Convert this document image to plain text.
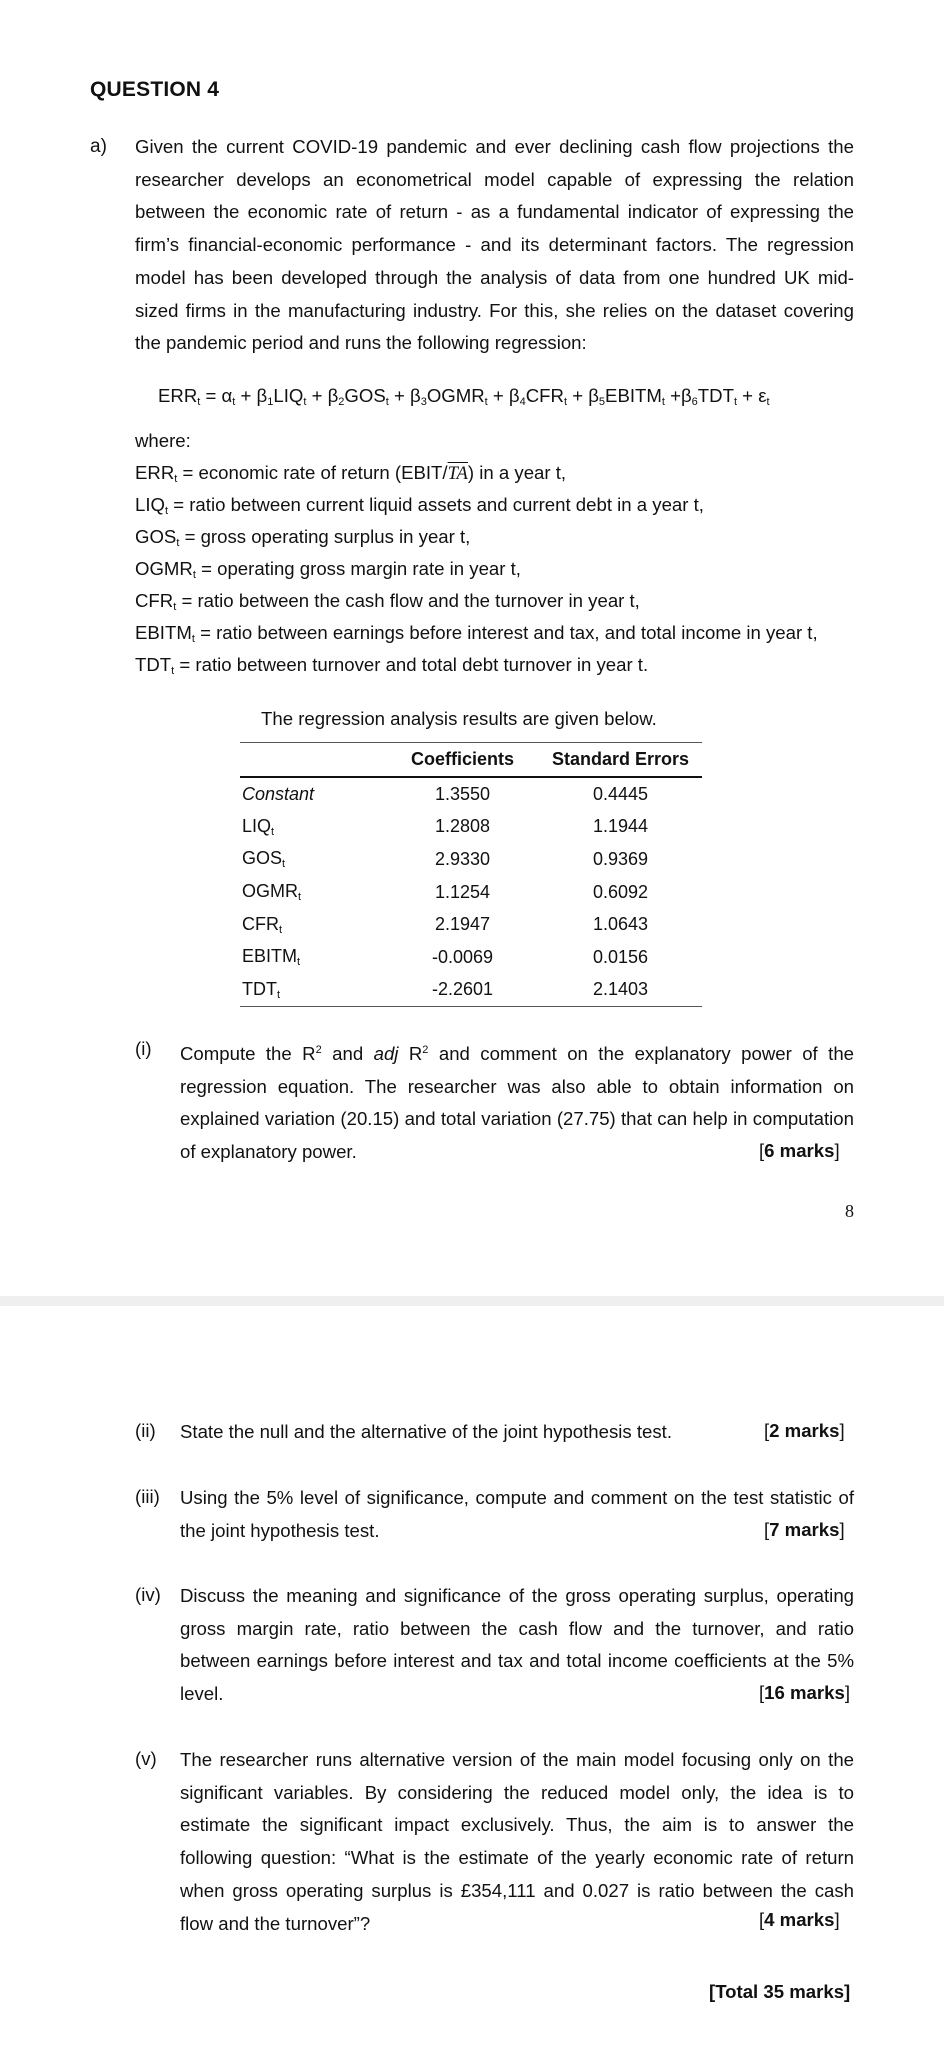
QUESTION 4
a) Given the current COVID-19 pandemic and ever declining cash flow projections the researcher develops an econometrical model capable of expressing the relation between the economic rate of return - as a fundamental indicator of expressing the firm’s financial-economic performance - and its determinant factors. The regression model has been developed through the analysis of data from one hundred UK mid-sized firms in the manufacturing industry. For this, she relies on the dataset covering the pandemic period and runs the following regression:
$ERR_t = \alpha_t + \beta_1LIQ_t + \beta_2GOS_t$ + $\beta_3OGMR_t + \beta_4CFR_t$ + $\beta_5EBITM_t +\beta_6TDT_t + \varepsilon_t$
where:
$ERR_t$ = economic rate of return $(EBIT/\overline{TA})$ in a year t,
$LIQ_t$ = ratio between current liquid assets and current debt in a year t,
$GOS_t$ = gross operating surplus in year t,
$OGMR_t$ = operating gross margin rate in year t,
$CFR_t$ = ratio between the cash flow and the turnover in year t,
$EBITM_t$ = ratio between earnings before interest and tax, and total income in year t,
$TDT_t$ = ratio between turnover and total debt turnover in year t.
The regression analysis results are given below.
	Coefficients	Standard Errors
Constant	1.3550	0.4445
$LIQ_t$	1.2808	1.1944
$GOS_t$	2.9330	0.9369
$OGMR_t$	1.1254	0.6092
$CFR_t$	2.1947	1.0643
$EBITM_t$	-0.0069	0.0156
$TDT_t$	-2.2601	2.1403
(i) Compute the $R^2$ and adj $R^2$ and comment on the explanatory power of the regression equation. The researcher was also able to obtain information on explained variation (20.15) and total variation (27.75) that can help in computation of explanatory power.	[6 marks]
8
(ii) State the null and the alternative of the joint hypothesis test.	[2 marks]
(iii) Using the 5% level of significance, compute and comment on the test statistic of the joint hypothesis test.	[7 marks]
(iv) Discuss the meaning and significance of the gross operating surplus, operating gross margin rate, ratio between the cash flow and the turnover, and ratio between earnings before interest and tax and total income coefficients at the 5% level.	[16 marks]
(v) The researcher runs alternative version of the main model focusing only on the significant variables. By considering the reduced model only, the idea is to estimate the significant impact exclusively. Thus, the aim is to answer the following question: “What is the estimate of the yearly economic rate of return when gross operating surplus is £354,111 and 0.027 is ratio between the cash flow and the turnover”?	[4 marks]
[Total 35 marks]
